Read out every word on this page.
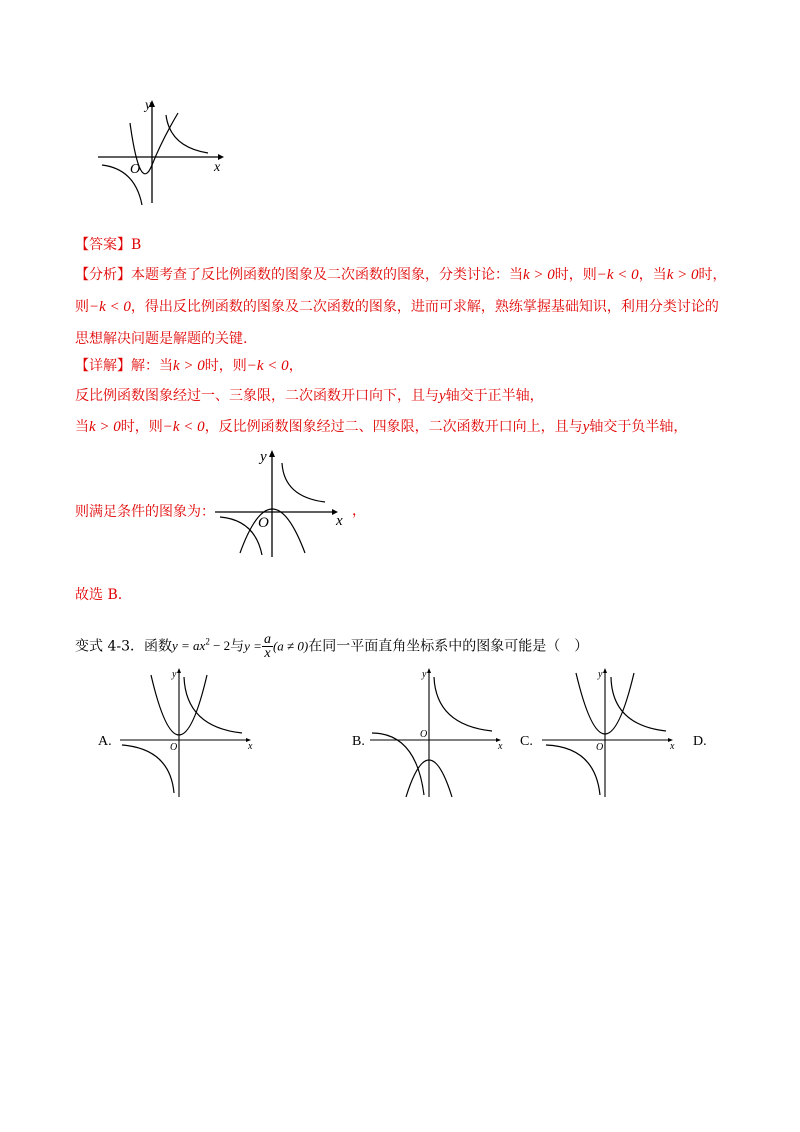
y
x
O
【答案】B
【分析】本题考查了反比例函数的图象及二次函数的图象，分类讨论：当k > 0时，则−k < 0，当k > 0时，
则−k < 0，得出反比例函数的图象及二次函数的图象，进而可求解，熟练掌握基础知识，利用分类讨论的
思想解决问题是解题的关键.
【详解】解：当k > 0时，则−k < 0，
反比例函数图象经过一、三象限，二次函数开口向下，且与y轴交于正半轴，
当k > 0时，则−k < 0，反比例函数图象经过二、四象限，二次函数开口向上，且与y轴交于负半轴，
则满足条件的图象为：	，
y
x
O
故选 B.
变式 4-3．函数$y = ax^2 - 2$与$y = \frac{a}{x} (a \ne 0)$在同一平面直角坐标系中的图象可能是（　）
A.
y
x
O	B.
y
x
O	C.
y
x
O	D.
